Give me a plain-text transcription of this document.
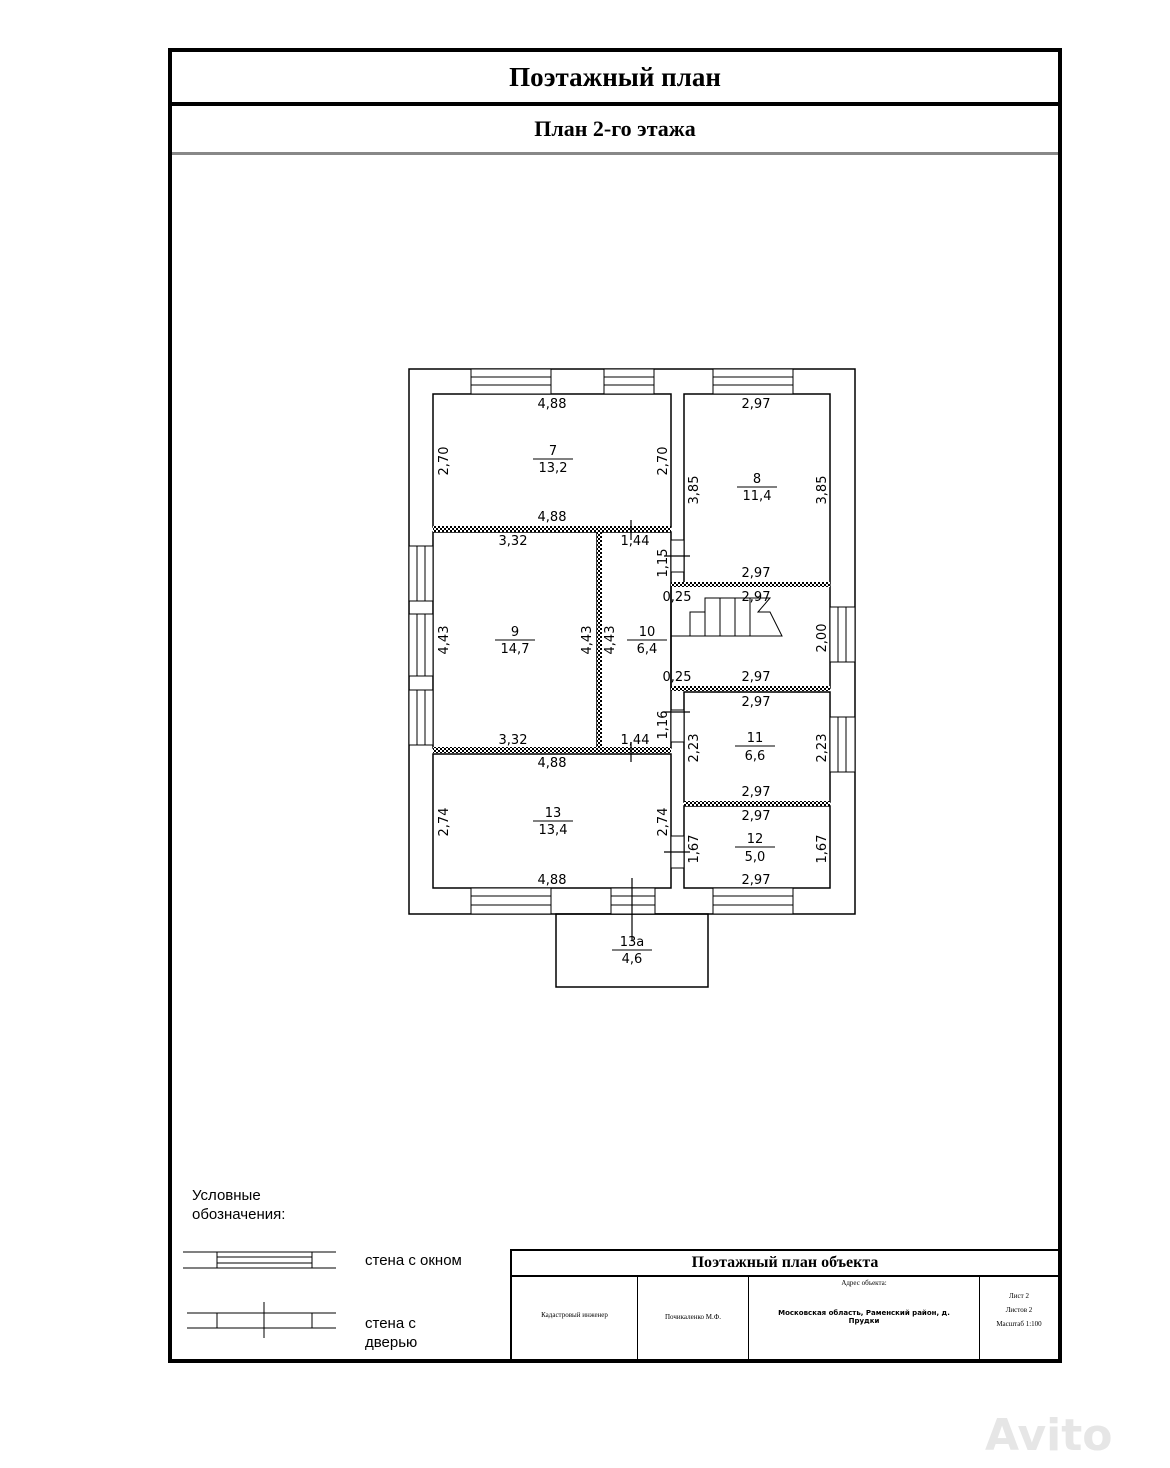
Поэтажный план
План 2-го этажа
7
13,2
8
11,4
9
14,7
10
6,4
11
6,6
12
5,0
13
13,4
13а
4,6
4,88
4,88
2,97
2,97
3,32
3,32
1,44
1,44
2,97
2,97
0,25
0,25
2,97
2,97
2,97
2,97
4,88
4,88
2,70	2,70
3,85	3,85
4,43	4,43 4,43
1,15
1,16
2,00
2,23	2,23
1,67	1,67
2,74	2,74
Условные обозначения:
стена с окном
стена с дверью
Поэтажный план объекта
Кадастровый инженер	Почикаленко М.Ф.
Адрес объекта:
Московская область, Раменский район, д. Прудки
Лист 2
Листов 2
Масштаб 1:100
Avito
